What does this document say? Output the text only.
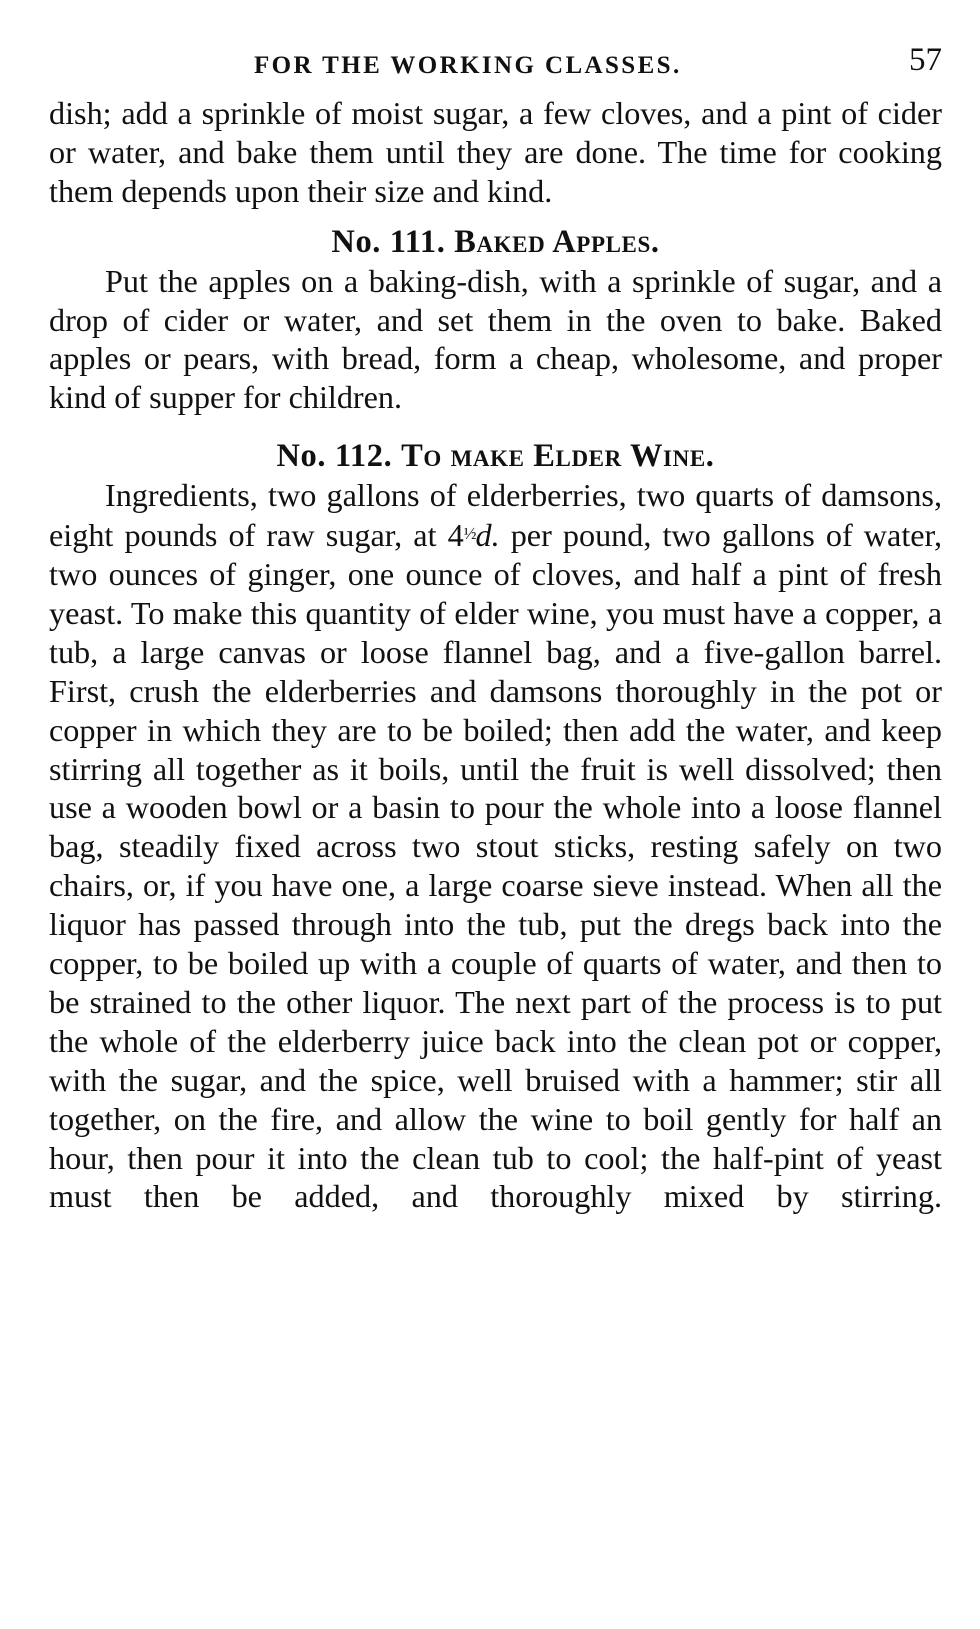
FOR THE WORKING CLASSES.	57

dish; add a sprinkle of moist sugar, a few cloves, and a pint of cider or water, and bake them until they are done. The time for cooking them depends upon their size and kind.

No. 111. Baked Apples.

Put the apples on a baking-dish, with a sprinkle of sugar, and a drop of cider or water, and set them in the oven to bake. Baked apples or pears, with bread, form a cheap, wholesome, and proper kind of supper for children.

No. 112. To make Elder Wine.

Ingredients, two gallons of elderberries, two quarts of damsons, eight pounds of raw sugar, at $4^{\frac{1}{2}}d$. per pound, two gallons of water, two ounces of ginger, one ounce of cloves, and half a pint of fresh yeast. To make this quantity of elder wine, you must have a copper, a tub, a large canvas or loose flannel bag, and a five-gallon barrel. First, crush the elderberries and damsons thoroughly in the pot or copper in which they are to be boiled; then add the water, and keep stirring all together as it boils, until the fruit is well dissolved; then use a wooden bowl or a basin to pour the whole into a loose flannel bag, steadily fixed across two stout sticks, resting safely on two chairs, or, if you have one, a large coarse sieve instead. When all the liquor has passed through into the tub, put the dregs back into the copper, to be boiled up with a couple of quarts of water, and then to be strained to the other liquor. The next part of the process is to put the whole of the elderberry juice back into the clean pot or copper, with the sugar, and the spice, well bruised with a hammer; stir all together, on the fire, and allow the wine to boil gently for half an hour, then pour it into the clean tub to cool; the half-pint of yeast must then be added, and thoroughly mixed by stirring.
